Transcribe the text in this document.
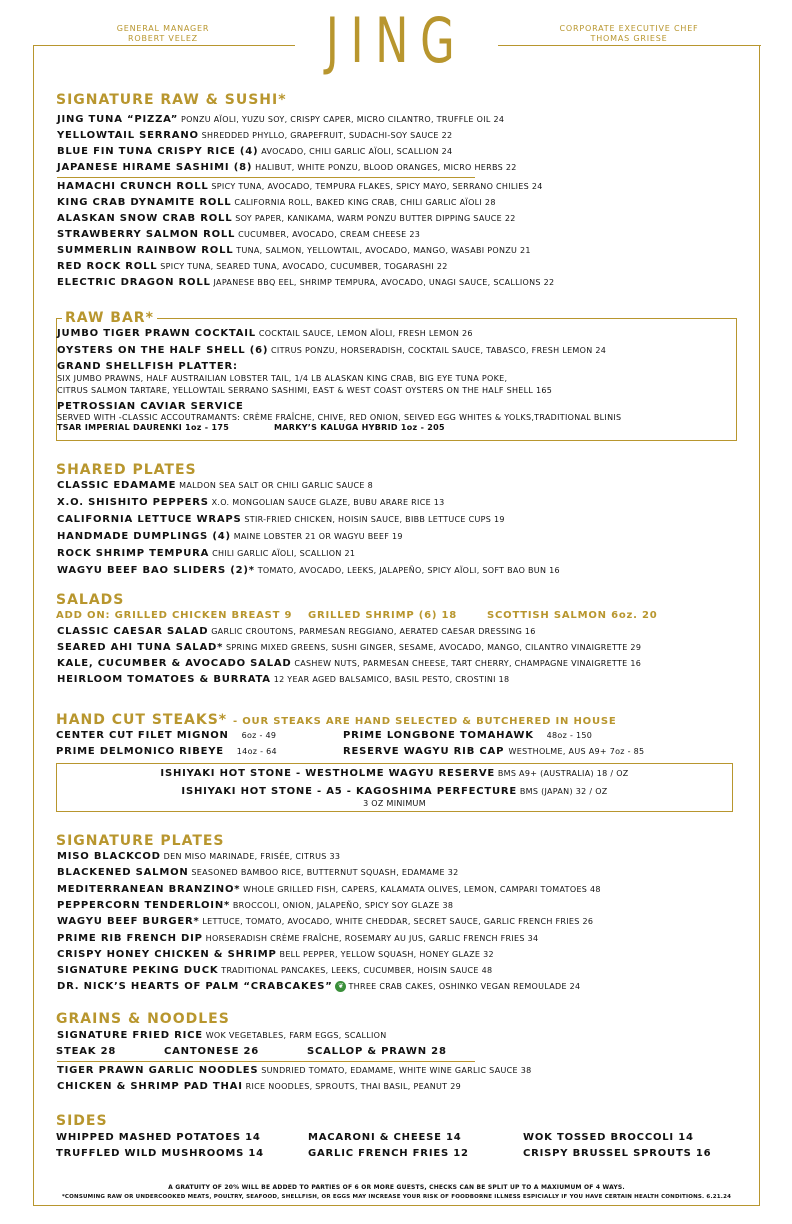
GENERAL MANAGER
ROBERT VELEZ	JING	CORPORATE EXECUTIVE CHEF
THOMAS GRIESE
SIGNATURE RAW & SUSHI*
JING TUNA “PIZZA” PONZU AÏOLI, YUZU SOY, CRISPY CAPER, MICRO CILANTRO, TRUFFLE OIL 24
YELLOWTAIL SERRANO SHREDDED PHYLLO, GRAPEFRUIT, SUDACHI-SOY SAUCE 22
BLUE FIN TUNA CRISPY RICE (4) AVOCADO, CHILI GARLIC AÏOLI, SCALLION 24
JAPANESE HIRAME SASHIMI (8) HALIBUT, WHITE PONZU, BLOOD ORANGES, MICRO HERBS 22
HAMACHI CRUNCH ROLL SPICY TUNA, AVOCADO, TEMPURA FLAKES, SPICY MAYO, SERRANO CHILIES 24
KING CRAB DYNAMITE ROLL CALIFORNIA ROLL, BAKED KING CRAB, CHILI GARLIC AÏOLI 28
ALASKAN SNOW CRAB ROLL SOY PAPER, KANIKAMA, WARM PONZU BUTTER DIPPING SAUCE 22
STRAWBERRY SALMON ROLL CUCUMBER, AVOCADO, CREAM CHEESE 23
SUMMERLIN RAINBOW ROLL TUNA, SALMON, YELLOWTAIL, AVOCADO, MANGO, WASABI PONZU 21
RED ROCK ROLL SPICY TUNA, SEARED TUNA, AVOCADO, CUCUMBER, TOGARASHI 22
ELECTRIC DRAGON ROLL JAPANESE BBQ EEL, SHRIMP TEMPURA, AVOCADO, UNAGI SAUCE, SCALLIONS 22
RAW BAR*
JUMBO TIGER PRAWN COCKTAIL COCKTAIL SAUCE, LEMON AÏOLI, FRESH LEMON 26
OYSTERS ON THE HALF SHELL (6) CITRUS PONZU, HORSERADISH, COCKTAIL SAUCE, TABASCO, FRESH LEMON 24
GRAND SHELLFISH PLATTER:
SIX JUMBO PRAWNS, HALF AUSTRAILIAN LOBSTER TAIL, 1/4 LB ALASKAN KING CRAB, BIG EYE TUNA POKE,
CITRUS SALMON TARTARE, YELLOWTAIL SERRANO SASHIMI, EAST & WEST COAST OYSTERS ON THE HALF SHELL 165
PETROSSIAN CAVIAR SERVICE
SERVED WITH -CLASSIC ACCOUTRAMANTS: CRÈME FRAÎCHE, CHIVE, RED ONION, SEIVED EGG WHITES & YOLKS,TRADITIONAL BLINIS
TSAR IMPERIAL DAURENKI 1oz - 175	MARKY’S KALUGA HYBRID 1oz - 205
SHARED PLATES
CLASSIC EDAMAME MALDON SEA SALT OR CHILI GARLIC SAUCE 8
X.O. SHISHITO PEPPERS X.O. MONGOLIAN SAUCE GLAZE, BUBU ARARE RICE 13
CALIFORNIA LETTUCE WRAPS STIR-FRIED CHICKEN, HOISIN SAUCE, BIBB LETTUCE CUPS 19
HANDMADE DUMPLINGS (4) MAINE LOBSTER 21 OR WAGYU BEEF 19
ROCK SHRIMP TEMPURA CHILI GARLIC AÏOLI, SCALLION 21
WAGYU BEEF BAO SLIDERS (2)* TOMATO, AVOCADO, LEEKS, JALAPEÑO, SPICY AÏOLI, SOFT BAO BUN 16
SALADS
ADD ON: GRILLED CHICKEN BREAST 9 GRILLED SHRIMP (6) 18	SCOTTISH SALMON 6oz. 20
CLASSIC CAESAR SALAD GARLIC CROUTONS, PARMESAN REGGIANO, AERATED CAESAR DRESSING 16
SEARED AHI TUNA SALAD* SPRING MIXED GREENS, SUSHI GINGER, SESAME, AVOCADO, MANGO, CILANTRO VINAIGRETTE 29
KALE, CUCUMBER & AVOCADO SALAD CASHEW NUTS, PARMESAN CHEESE, TART CHERRY, CHAMPAGNE VINAIGRETTE 16
HEIRLOOM TOMATOES & BURRATA 12 YEAR AGED BALSAMICO, BASIL PESTO, CROSTINI 18
HAND CUT STEAKS* - OUR STEAKS ARE HAND SELECTED & BUTCHERED IN HOUSE
CENTER CUT FILET MIGNON 6oz - 49	PRIME LONGBONE TOMAHAWK 48oz - 150
PRIME DELMONICO RIBEYE 14oz - 64	RESERVE WAGYU RIB CAP WESTHOLME, AUS A9+ 7oz - 85
ISHIYAKI HOT STONE - WESTHOLME WAGYU RESERVE BMS A9+ (AUSTRALIA) 18 / OZ
ISHIYAKI HOT STONE - A5 - KAGOSHIMA PERFECTURE BMS (JAPAN) 32 / OZ
3 OZ MINIMUM
SIGNATURE PLATES
MISO BLACKCOD DEN MISO MARINADE, FRISÉE, CITRUS 33
BLACKENED SALMON SEASONED BAMBOO RICE, BUTTERNUT SQUASH, EDAMAME 32
MEDITERRANEAN BRANZINO* WHOLE GRILLED FISH, CAPERS, KALAMATA OLIVES, LEMON, CAMPARI TOMATOES 48
PEPPERCORN TENDERLOIN* BROCCOLI, ONION, JALAPEÑO, SPICY SOY GLAZE 38
WAGYU BEEF BURGER* LETTUCE, TOMATO, AVOCADO, WHITE CHEDDAR, SECRET SAUCE, GARLIC FRENCH FRIES 26
PRIME RIB FRENCH DIP HORSERADISH CRÈME FRAÎCHE, ROSEMARY AU JUS, GARLIC FRENCH FRIES 34
CRISPY HONEY CHICKEN & SHRIMP BELL PEPPER, YELLOW SQUASH, HONEY GLAZE 32
SIGNATURE PEKING DUCK TRADITIONAL PANCAKES, LEEKS, CUCUMBER, HOISIN SAUCE 48
DR. NICK’S HEARTS OF PALM “CRABCAKES” ❦ THREE CRAB CAKES, OSHINKO VEGAN REMOULADE 24
GRAINS & NOODLES
SIGNATURE FRIED RICE WOK VEGETABLES, FARM EGGS, SCALLION
STEAK 28	CANTONESE 26	SCALLOP & PRAWN 28
TIGER PRAWN GARLIC NOODLES SUNDRIED TOMATO, EDAMAME, WHITE WINE GARLIC SAUCE 38
CHICKEN & SHRIMP PAD THAI RICE NOODLES, SPROUTS, THAI BASIL, PEANUT 29
SIDES
WHIPPED MASHED POTATOES 14	MACARONI & CHEESE 14	WOK TOSSED BROCCOLI 14
TRUFFLED WILD MUSHROOMS 14	GARLIC FRENCH FRIES 12	CRISPY BRUSSEL SPROUTS 16
A GRATUITY OF 20% WILL BE ADDED TO PARTIES OF 6 OR MORE GUESTS, CHECKS CAN BE SPLIT UP TO A MAXIUMUM OF 4 WAYS.
*CONSUMING RAW OR UNDERCOOKED MEATS, POULTRY, SEAFOOD, SHELLFISH, OR EGGS MAY INCREASE YOUR RISK OF FOODBORNE ILLNESS ESPICIALLY IF YOU HAVE CERTAIN HEALTH CONDITIONS. 6.21.24
